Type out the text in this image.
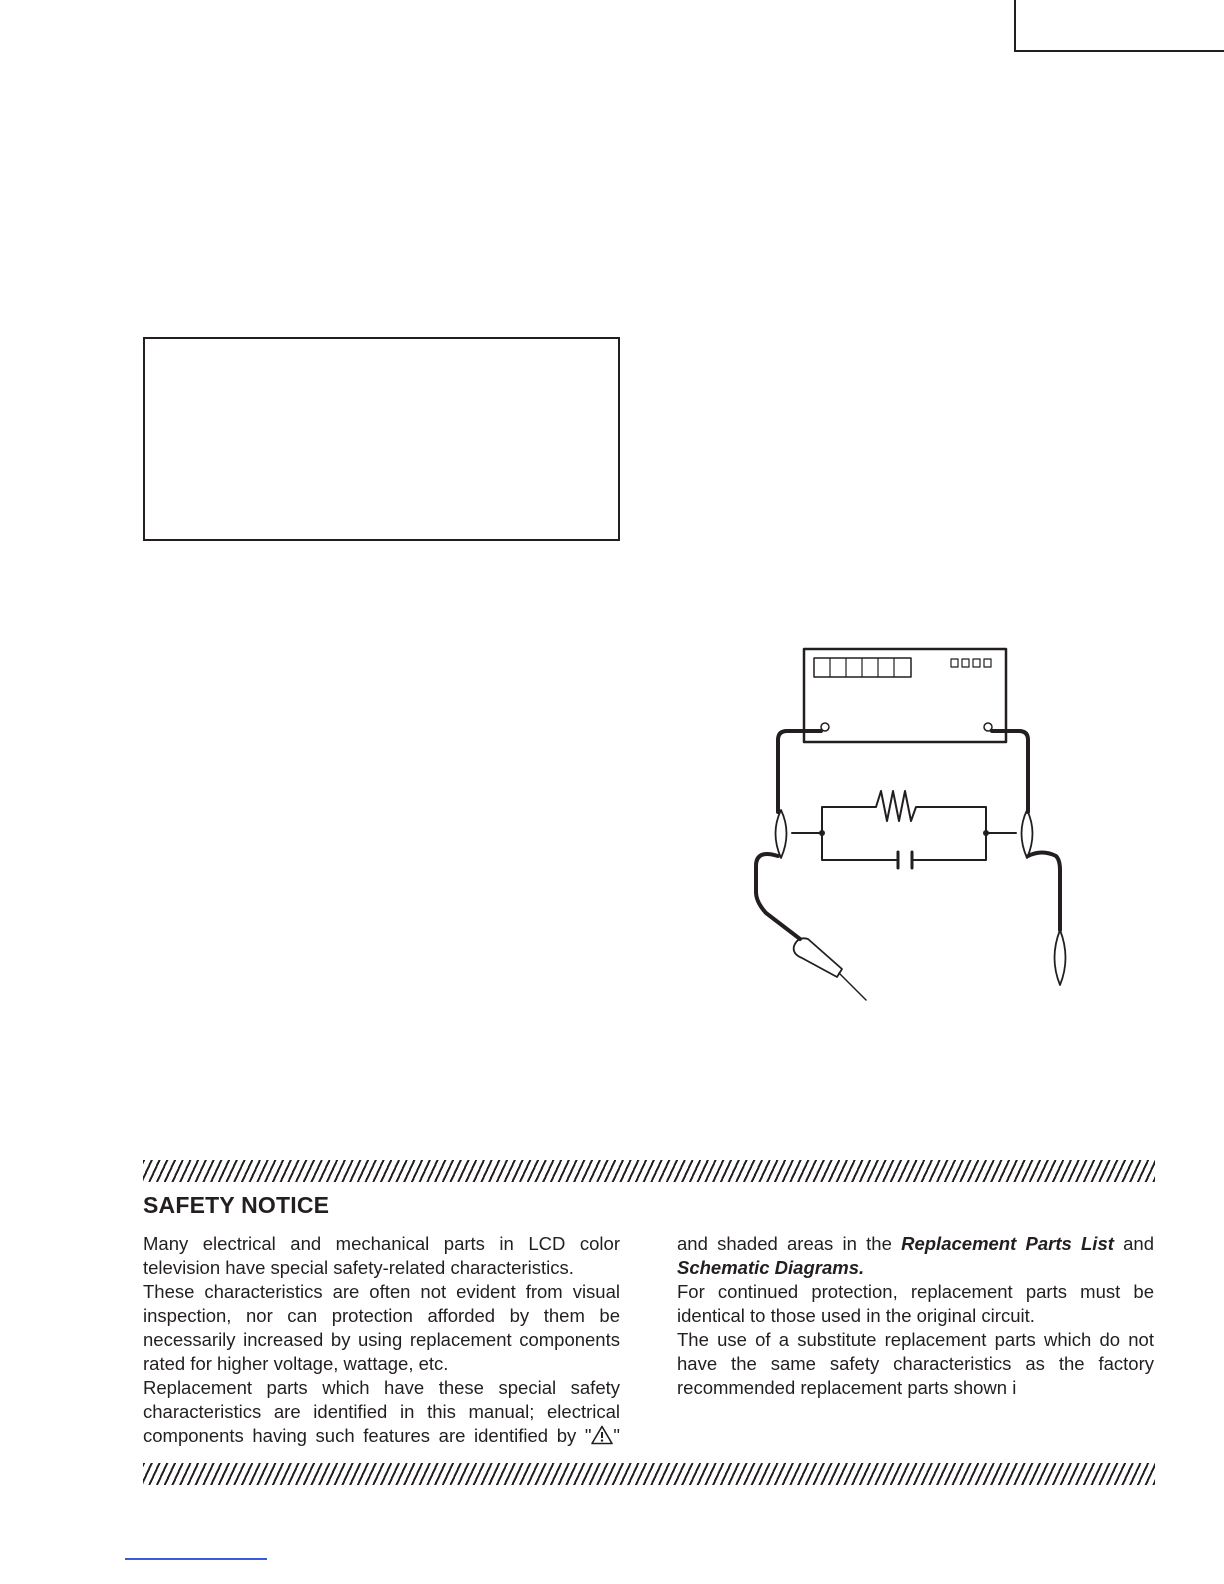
SAFETY NOTICE

Many electrical and mechanical parts in LCD color

television have special safety-related characteristics.

These characteristics are often not evident from visual

inspection, nor can protection afforded by them be

necessarily increased by using replacement components

rated for higher voltage, wattage, etc.

Replacement parts which have these special safety

characteristics are identified in this manual; electrical

components having such features are identified by " "

and shaded areas in the Replacement Parts List and

Schematic Diagrams.

For continued protection, replacement parts must be

identical to those used in the original circuit.

The use of a substitute replacement parts which do not

have the same safety characteristics as the factory

recommended replacement parts shown i
